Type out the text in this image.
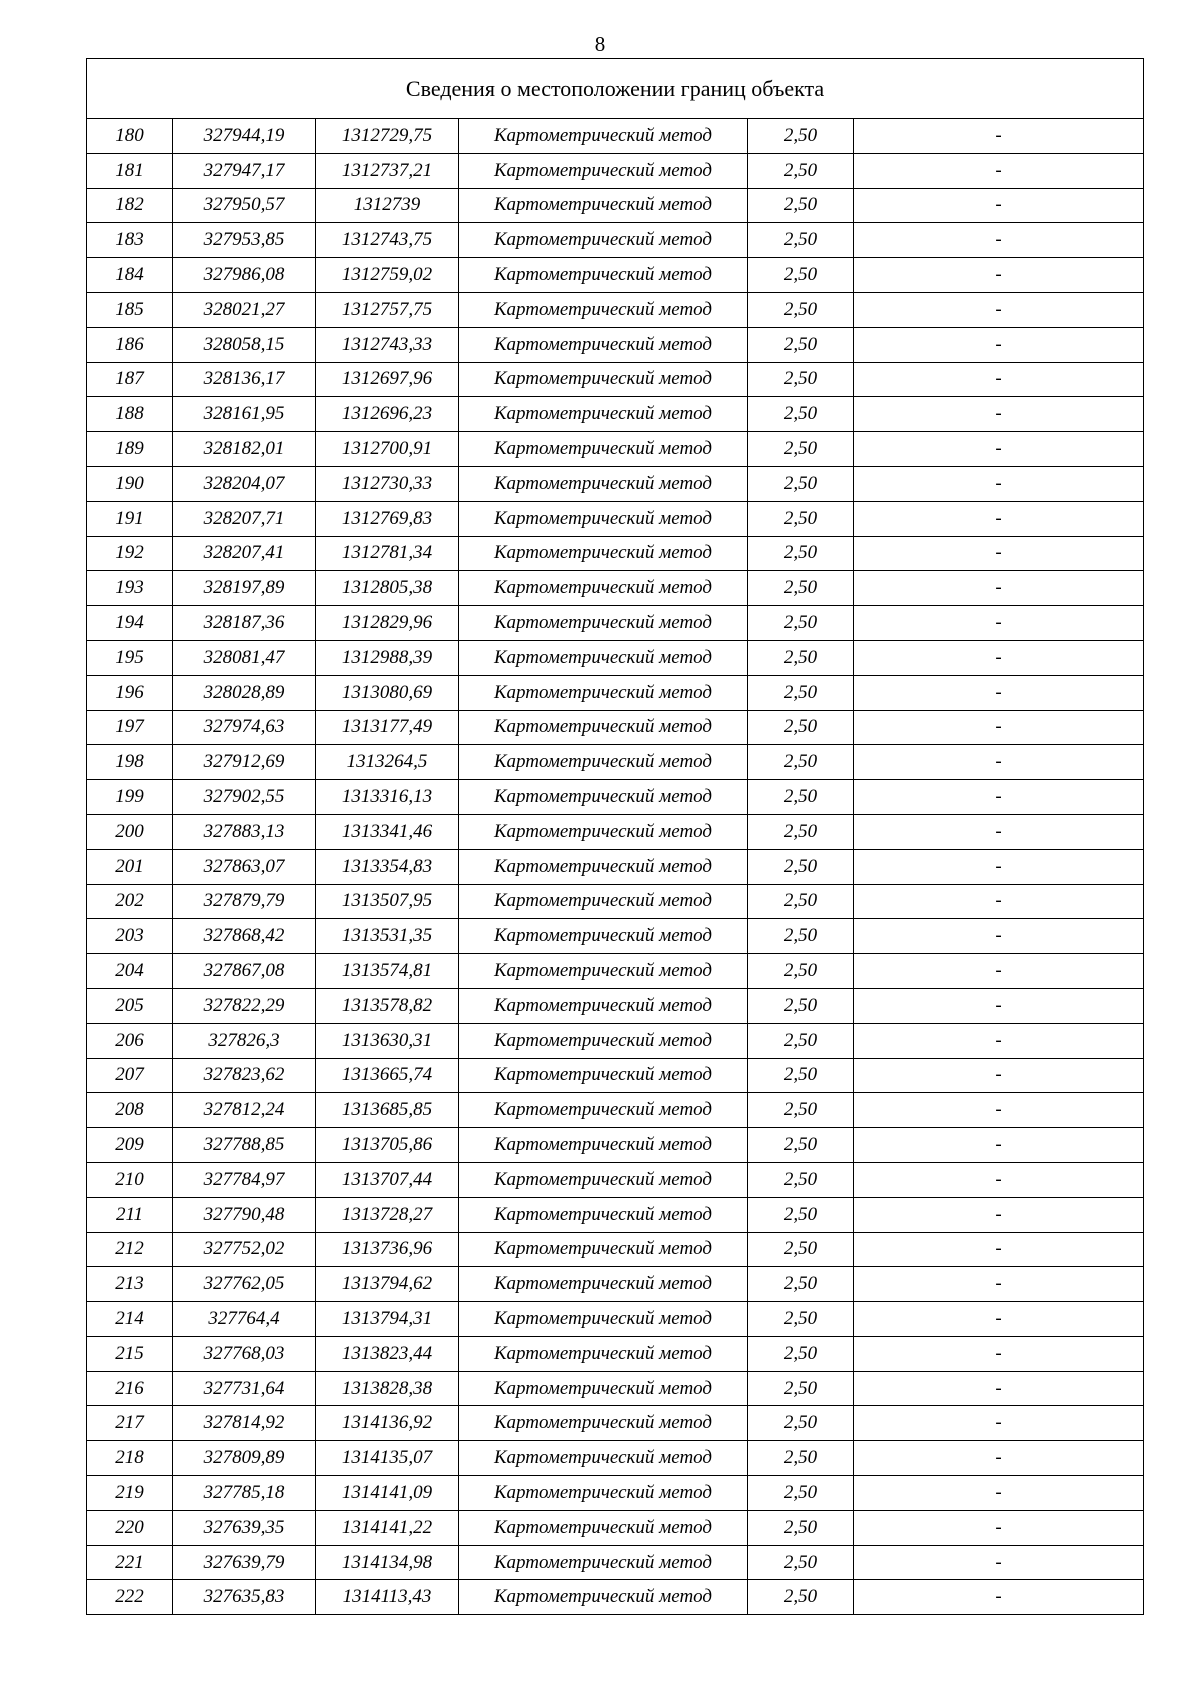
8
Сведения о местоположении границ объекта					
180	327944,19	1312729,75	Картометрический метод	2,50	-
181	327947,17	1312737,21	Картометрический метод	2,50	-
182	327950,57	1312739	Картометрический метод	2,50	-
183	327953,85	1312743,75	Картометрический метод	2,50	-
184	327986,08	1312759,02	Картометрический метод	2,50	-
185	328021,27	1312757,75	Картометрический метод	2,50	-
186	328058,15	1312743,33	Картометрический метод	2,50	-
187	328136,17	1312697,96	Картометрический метод	2,50	-
188	328161,95	1312696,23	Картометрический метод	2,50	-
189	328182,01	1312700,91	Картометрический метод	2,50	-
190	328204,07	1312730,33	Картометрический метод	2,50	-
191	328207,71	1312769,83	Картометрический метод	2,50	-
192	328207,41	1312781,34	Картометрический метод	2,50	-
193	328197,89	1312805,38	Картометрический метод	2,50	-
194	328187,36	1312829,96	Картометрический метод	2,50	-
195	328081,47	1312988,39	Картометрический метод	2,50	-
196	328028,89	1313080,69	Картометрический метод	2,50	-
197	327974,63	1313177,49	Картометрический метод	2,50	-
198	327912,69	1313264,5	Картометрический метод	2,50	-
199	327902,55	1313316,13	Картометрический метод	2,50	-
200	327883,13	1313341,46	Картометрический метод	2,50	-
201	327863,07	1313354,83	Картометрический метод	2,50	-
202	327879,79	1313507,95	Картометрический метод	2,50	-
203	327868,42	1313531,35	Картометрический метод	2,50	-
204	327867,08	1313574,81	Картометрический метод	2,50	-
205	327822,29	1313578,82	Картометрический метод	2,50	-
206	327826,3	1313630,31	Картометрический метод	2,50	-
207	327823,62	1313665,74	Картометрический метод	2,50	-
208	327812,24	1313685,85	Картометрический метод	2,50	-
209	327788,85	1313705,86	Картометрический метод	2,50	-
210	327784,97	1313707,44	Картометрический метод	2,50	-
211	327790,48	1313728,27	Картометрический метод	2,50	-
212	327752,02	1313736,96	Картометрический метод	2,50	-
213	327762,05	1313794,62	Картометрический метод	2,50	-
214	327764,4	1313794,31	Картометрический метод	2,50	-
215	327768,03	1313823,44	Картометрический метод	2,50	-
216	327731,64	1313828,38	Картометрический метод	2,50	-
217	327814,92	1314136,92	Картометрический метод	2,50	-
218	327809,89	1314135,07	Картометрический метод	2,50	-
219	327785,18	1314141,09	Картометрический метод	2,50	-
220	327639,35	1314141,22	Картометрический метод	2,50	-
221	327639,79	1314134,98	Картометрический метод	2,50	-
222	327635,83	1314113,43	Картометрический метод	2,50	-
